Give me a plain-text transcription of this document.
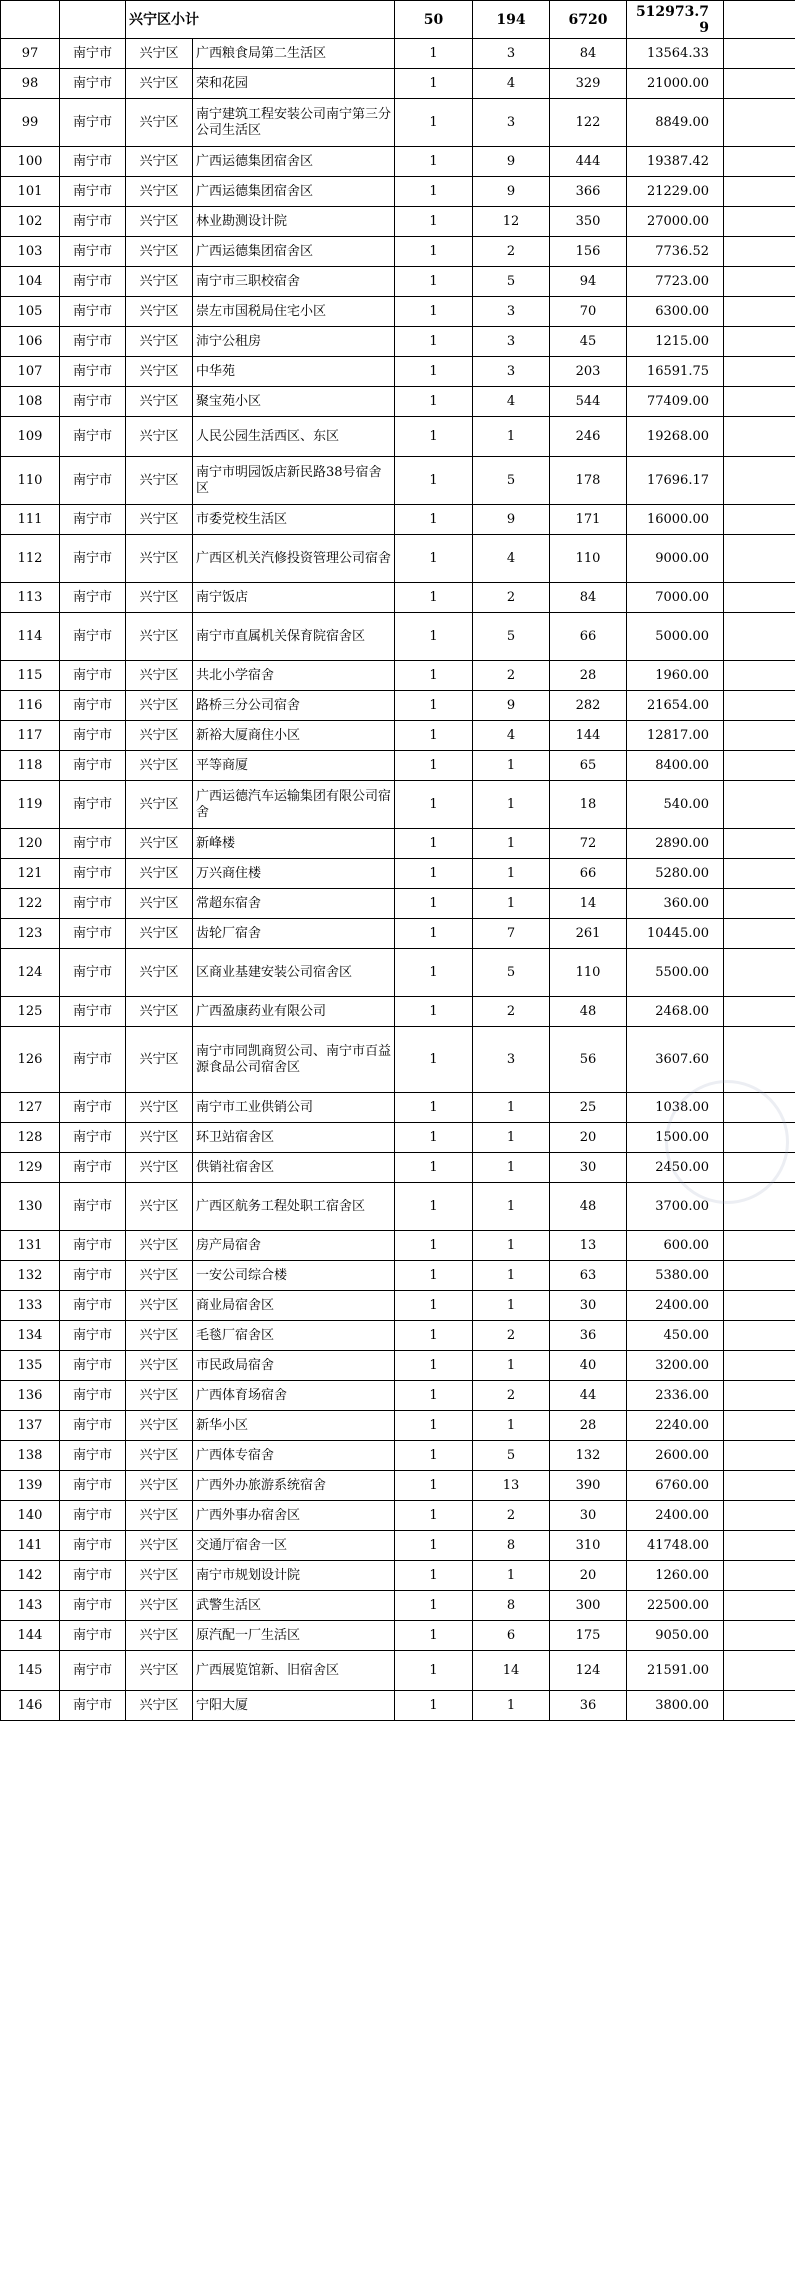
		兴宁区小计		50	194	6720	512973.79	
97	南宁市	兴宁区	广西粮食局第二生活区	1	3	84	13564.33	
98	南宁市	兴宁区	荣和花园	1	4	329	21000.00	
99	南宁市	兴宁区	南宁建筑工程安装公司南宁第三分公司生活区	1	3	122	8849.00	
100	南宁市	兴宁区	广西运德集团宿舍区	1	9	444	19387.42	
101	南宁市	兴宁区	广西运德集团宿舍区	1	9	366	21229.00	
102	南宁市	兴宁区	林业勘测设计院	1	12	350	27000.00	
103	南宁市	兴宁区	广西运德集团宿舍区	1	2	156	7736.52	
104	南宁市	兴宁区	南宁市三职校宿舍	1	5	94	7723.00	
105	南宁市	兴宁区	崇左市国税局住宅小区	1	3	70	6300.00	
106	南宁市	兴宁区	沛宁公租房	1	3	45	1215.00	
107	南宁市	兴宁区	中华苑	1	3	203	16591.75	
108	南宁市	兴宁区	聚宝苑小区	1	4	544	77409.00	
109	南宁市	兴宁区	人民公园生活西区、东区	1	1	246	19268.00	
110	南宁市	兴宁区	南宁市明园饭店新民路38号宿舍区	1	5	178	17696.17	
111	南宁市	兴宁区	市委党校生活区	1	9	171	16000.00	
112	南宁市	兴宁区	广西区机关汽修投资管理公司宿舍	1	4	110	9000.00	
113	南宁市	兴宁区	南宁饭店	1	2	84	7000.00	
114	南宁市	兴宁区	南宁市直属机关保育院宿舍区	1	5	66	5000.00	
115	南宁市	兴宁区	共北小学宿舍	1	2	28	1960.00	
116	南宁市	兴宁区	路桥三分公司宿舍	1	9	282	21654.00	
117	南宁市	兴宁区	新裕大厦商住小区	1	4	144	12817.00	
118	南宁市	兴宁区	平等商厦	1	1	65	8400.00	
119	南宁市	兴宁区	广西运德汽车运输集团有限公司宿舍	1	1	18	540.00	
120	南宁市	兴宁区	新峰楼	1	1	72	2890.00	
121	南宁市	兴宁区	万兴商住楼	1	1	66	5280.00	
122	南宁市	兴宁区	常超东宿舍	1	1	14	360.00	
123	南宁市	兴宁区	齿轮厂宿舍	1	7	261	10445.00	
124	南宁市	兴宁区	区商业基建安装公司宿舍区	1	5	110	5500.00	
125	南宁市	兴宁区	广西盈康药业有限公司	1	2	48	2468.00	
126	南宁市	兴宁区	南宁市同凯商贸公司、南宁市百益源食品公司宿舍区	1	3	56	3607.60	
127	南宁市	兴宁区	南宁市工业供销公司	1	1	25	1038.00	
128	南宁市	兴宁区	环卫站宿舍区	1	1	20	1500.00	
129	南宁市	兴宁区	供销社宿舍区	1	1	30	2450.00	
130	南宁市	兴宁区	广西区航务工程处职工宿舍区	1	1	48	3700.00	
131	南宁市	兴宁区	房产局宿舍	1	1	13	600.00	
132	南宁市	兴宁区	一安公司综合楼	1	1	63	5380.00	
133	南宁市	兴宁区	商业局宿舍区	1	1	30	2400.00	
134	南宁市	兴宁区	毛毯厂宿舍区	1	2	36	450.00	
135	南宁市	兴宁区	市民政局宿舍	1	1	40	3200.00	
136	南宁市	兴宁区	广西体育场宿舍	1	2	44	2336.00	
137	南宁市	兴宁区	新华小区	1	1	28	2240.00	
138	南宁市	兴宁区	广西体专宿舍	1	5	132	2600.00	
139	南宁市	兴宁区	广西外办旅游系统宿舍	1	13	390	6760.00	
140	南宁市	兴宁区	广西外事办宿舍区	1	2	30	2400.00	
141	南宁市	兴宁区	交通厅宿舍一区	1	8	310	41748.00	
142	南宁市	兴宁区	南宁市规划设计院	1	1	20	1260.00	
143	南宁市	兴宁区	武警生活区	1	8	300	22500.00	
144	南宁市	兴宁区	原汽配一厂生活区	1	6	175	9050.00	
145	南宁市	兴宁区	广西展览馆新、旧宿舍区	1	14	124	21591.00	
146	南宁市	兴宁区	宁阳大厦	1	1	36	3800.00	
